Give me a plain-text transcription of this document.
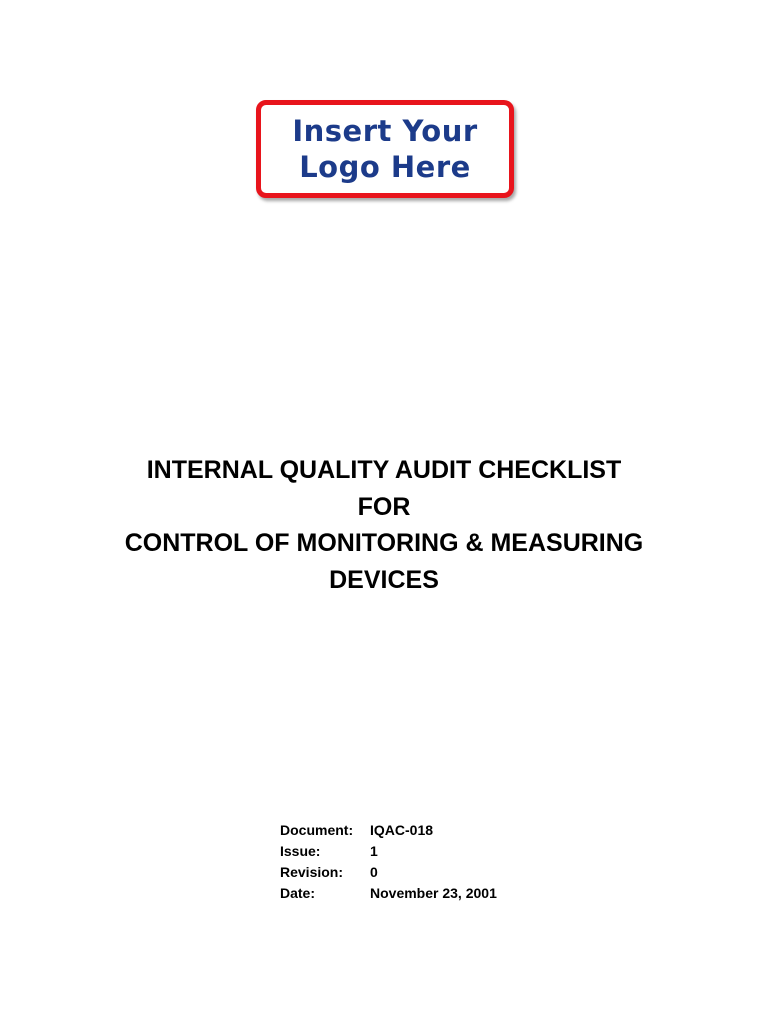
Insert Your
Logo Here
INTERNAL QUALITY AUDIT CHECKLIST
FOR
CONTROL OF MONITORING & MEASURING
DEVICES
Document:	IQAC-018
Issue:	1
Revision:	0
Date:	November 23, 2001
